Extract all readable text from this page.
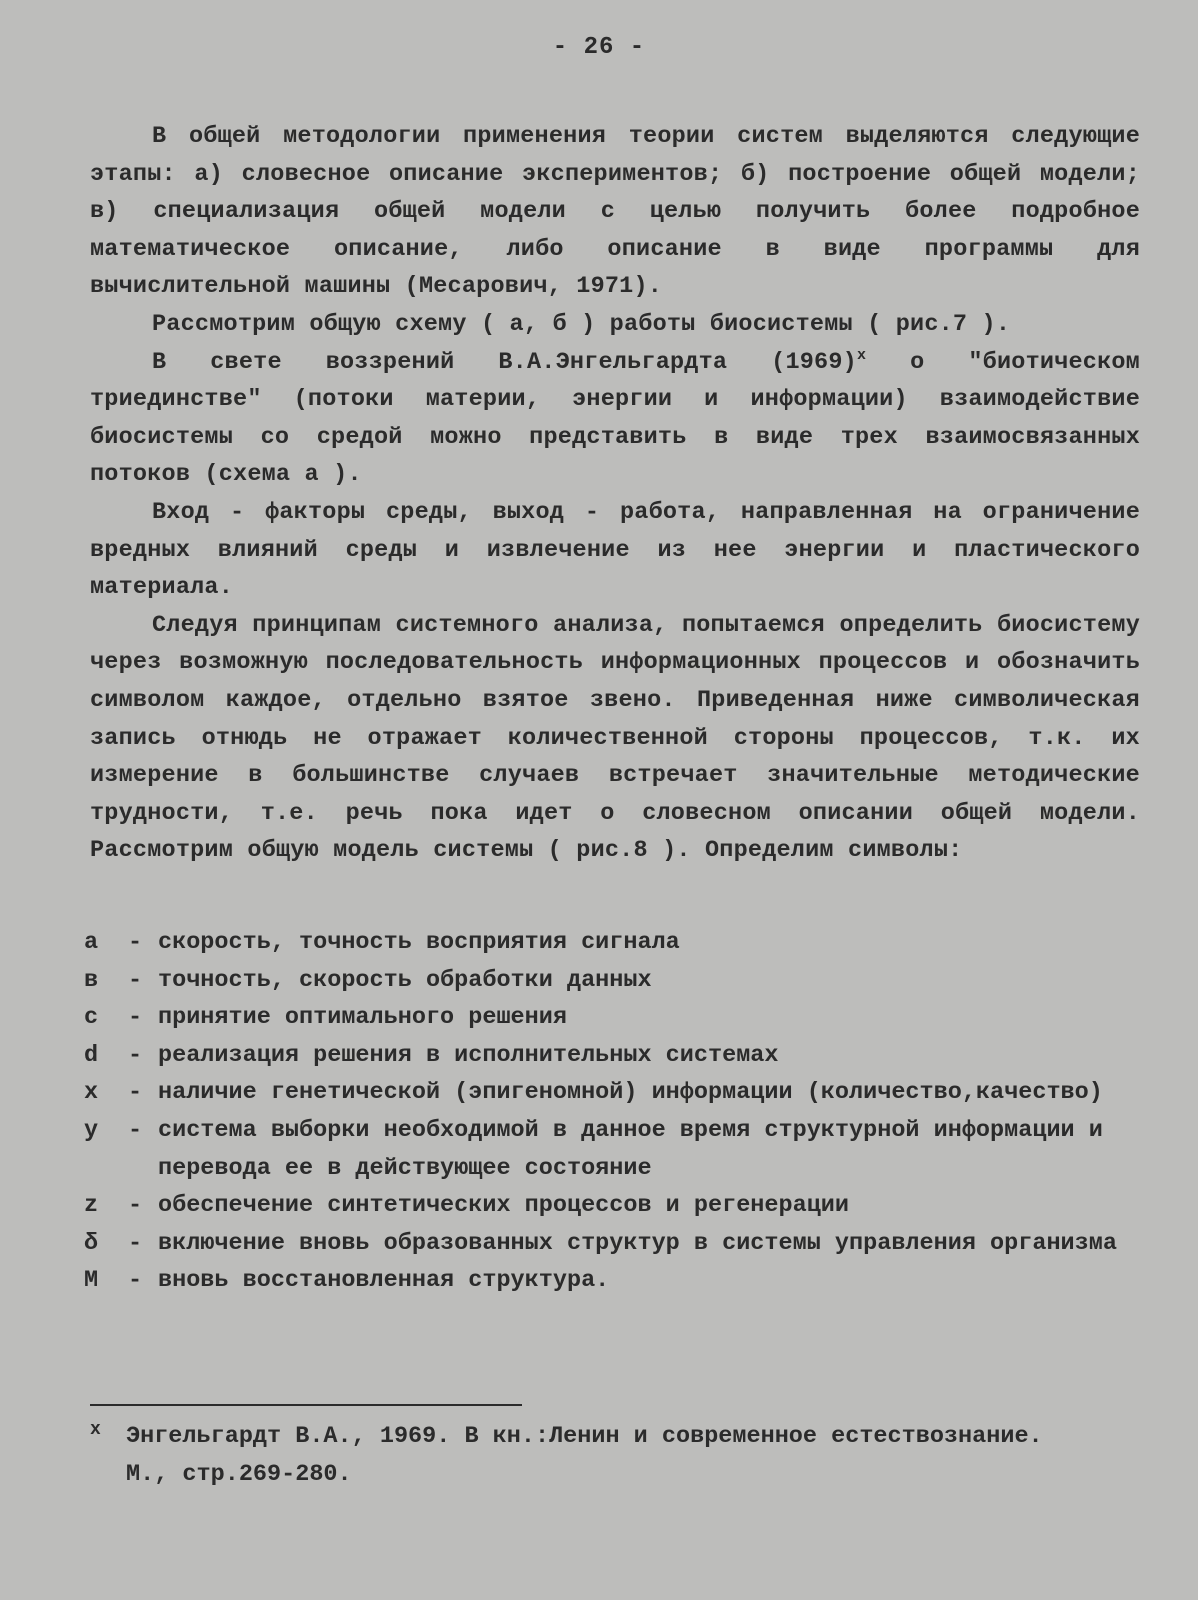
- 26 -

В общей методологии применения теории систем выделяются следующие этапы: а) словесное описание экспериментов; б) построение общей модели; в) специализация общей модели с целью получить более подробное математическое описание, либо описание в виде программы для вычислительной машины (Месарович, 1971).

Рассмотрим общую схему ( а, б ) работы биосистемы ( рис.7 ).

В свете воззрений В.А.Энгельгардта $(1969)^x$ о "биотическом триединстве" (потоки материи, энергии и информации) взаимодействие биосистемы со средой можно представить в виде трех взаимосвязанных потоков (схема а ).

Вход - факторы среды, выход - работа, направленная на ограничение вредных влияний среды и извлечение из нее энергии и пластического материала.

Следуя принципам системного анализа, попытаемся определить биосистему через возможную последовательность информационных процессов и обозначить символом каждое, отдельно взятое звено. Приведенная ниже символическая запись отнюдь не отражает количественной стороны процессов, т.к. их измерение в большинстве случаев встречает значительные методические трудности, т.е. речь пока идет о словесном описании общей модели. Рассмотрим общую модель системы ( рис.8 ). Определим символы:

а	- скорость, точность восприятия сигнала
в	- точность, скорость обработки данных
с	- принятие оптимального решения
d	- реализация решения в исполнительных системах
х	- наличие генетической (эпигеномной) информации (количество,качество)
у	- система выборки необходимой в данное время структурной информации и перевода ее в действующее состояние
z	- обеспечение синтетических процессов и регенерации
δ	- включение вновь образованных структур в системы управления организма
M	- вновь восстановленная структура.
x Энгельгардт В.А., 1969. В кн.:Ленин и современное естествознание.
М., стр.269-280.
